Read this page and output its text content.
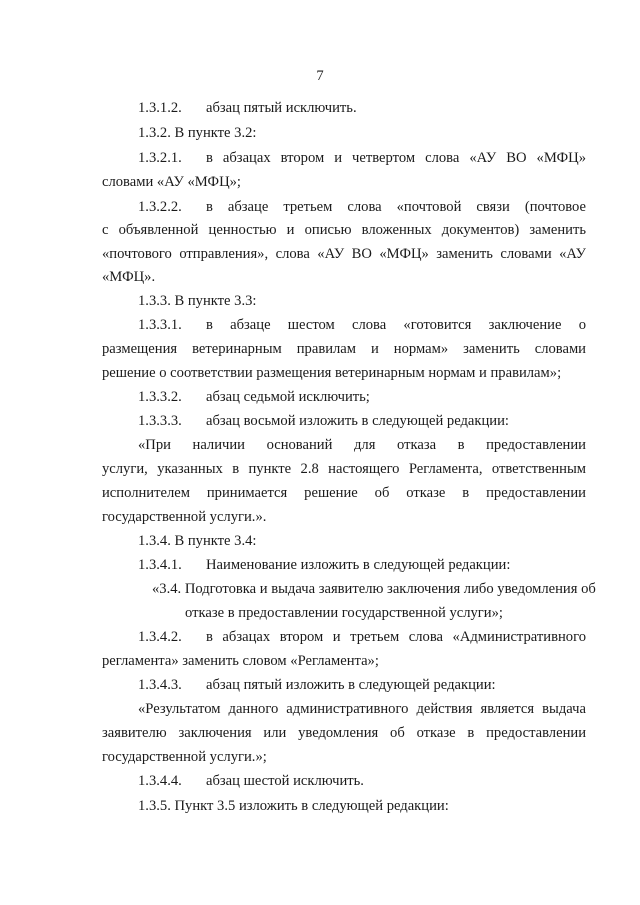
7
1.3.1.2. абзац пятый исключить.
1.3.2. В пункте 3.2:
1.3.2.1. в абзацах втором и четвертом слова «АУ ВО «МФЦ»
словами «АУ «МФЦ»;
1.3.2.2. в абзаце третьем слова «почтовой связи (почтовое
с объявленной ценностью и описью вложенных документов) заменить
«почтового отправления», слова «АУ ВО «МФЦ» заменить словами «АУ
«МФЦ».
1.3.3. В пункте 3.3:
1.3.3.1. в абзаце шестом слова «готовится заключение о
размещения ветеринарным правилам и нормам» заменить словами
решение о соответствии размещения ветеринарным нормам и правилам»;
1.3.3.2. абзац седьмой исключить;
1.3.3.3. абзац восьмой изложить в следующей редакции:
«При наличии оснований для отказа в предоставлении
услуги, указанных в пункте 2.8 настоящего Регламента, ответственным
исполнителем принимается решение об отказе в предоставлении
государственной услуги.».
1.3.4. В пункте 3.4:
1.3.4.1. Наименование изложить в следующей редакции:
«3.4. Подготовка и выдача заявителю заключения либо уведомления об
отказе в предоставлении государственной услуги»;
1.3.4.2. в абзацах втором и третьем слова «Административного
регламента» заменить словом «Регламента»;
1.3.4.3. абзац пятый изложить в следующей редакции:
«Результатом данного административного действия является выдача
заявителю заключения или уведомления об отказе в предоставлении
государственной услуги.»;
1.3.4.4. абзац шестой исключить.
1.3.5. Пункт 3.5 изложить в следующей редакции:
